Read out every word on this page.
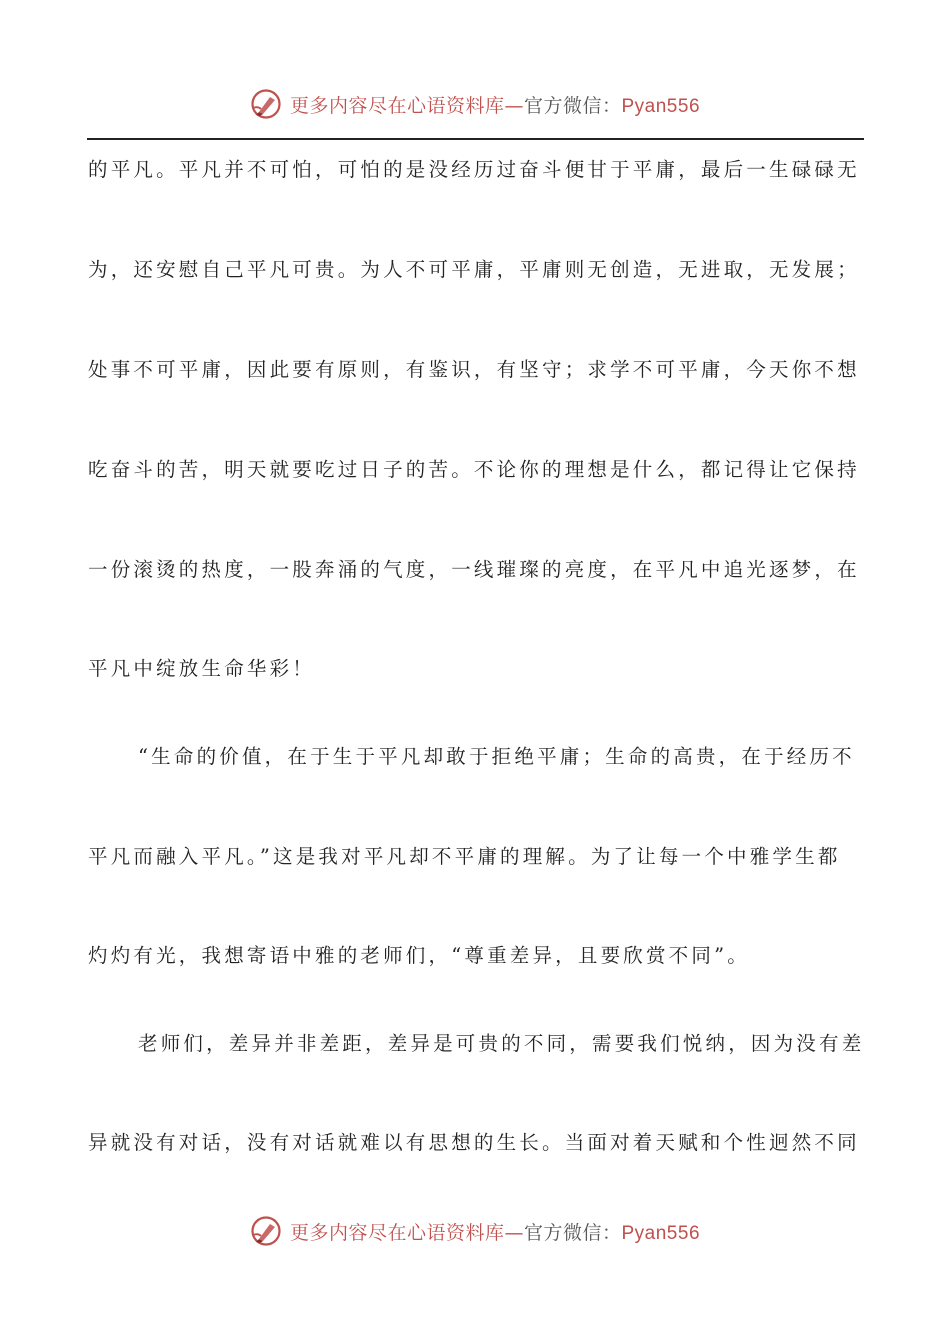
更多内容尽在心语资料库—官方微信：Pyan556
的平凡。平凡并不可怕，可怕的是没经历过奋斗便甘于平庸，最后一生碌碌无
为，还安慰自己平凡可贵。为人不可平庸，平庸则无创造，无进取，无发展；
处事不可平庸，因此要有原则，有鉴识，有坚守；求学不可平庸，今天你不想
吃奋斗的苦，明天就要吃过日子的苦。不论你的理想是什么，都记得让它保持
一份滚烫的热度，一股奔涌的气度，一线璀璨的亮度，在平凡中追光逐梦，在
平凡中绽放生命华彩！
“生命的价值，在于生于平凡却敢于拒绝平庸；生命的高贵，在于经历不
平凡而融入平凡。”这是我对平凡却不平庸的理解。为了让每一个中雅学生都
灼灼有光，我想寄语中雅的老师们，“尊重差异，且要欣赏不同”。
老师们，差异并非差距，差异是可贵的不同，需要我们悦纳，因为没有差
异就没有对话，没有对话就难以有思想的生长。当面对着天赋和个性迥然不同
更多内容尽在心语资料库—官方微信：Pyan556
